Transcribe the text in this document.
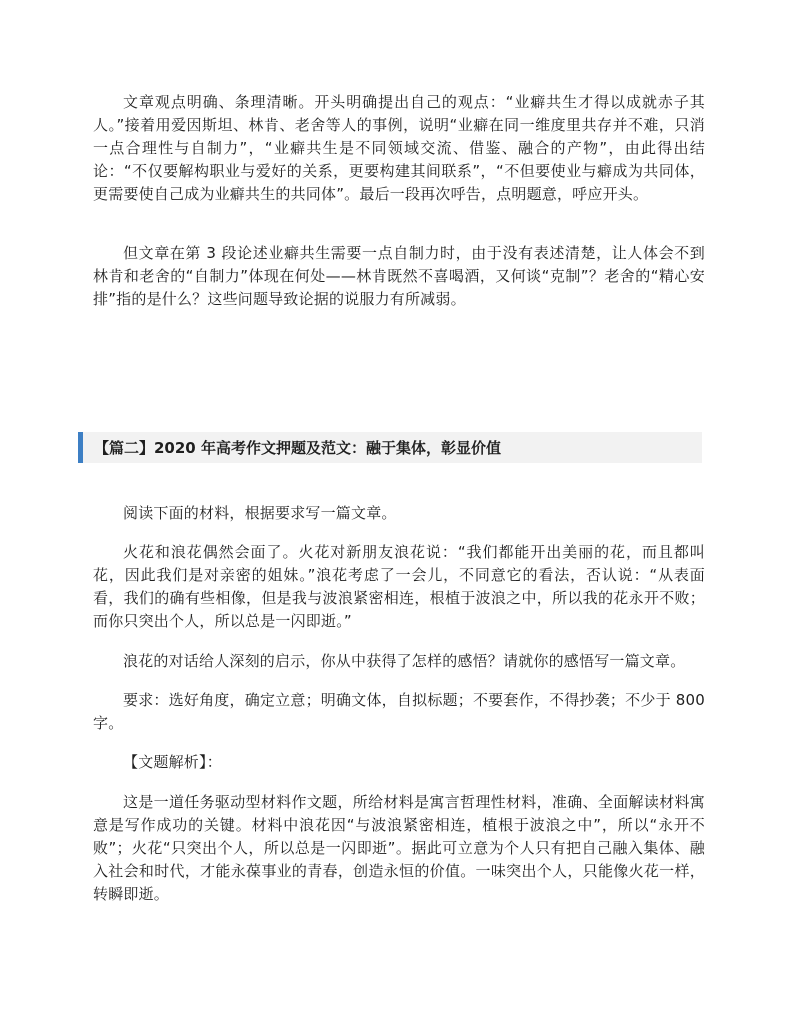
文章观点明确、条理清晰。开头明确提出自己的观点：“业癖共生才得以成就赤子其人。”接着用爱因斯坦、林肯、老舍等人的事例，说明“业癖在同一维度里共存并不难，只消一点合理性与自制力”，“业癖共生是不同领域交流、借鉴、融合的产物”，由此得出结论：“不仅要解构职业与爱好的关系，更要构建其间联系”，“不但要使业与癖成为共同体，更需要使自己成为业癖共生的共同体”。最后一段再次呼告，点明题意，呼应开头。

但文章在第 3 段论述业癖共生需要一点自制力时，由于没有表述清楚，让人体会不到林肯和老舍的“自制力”体现在何处——林肯既然不喜喝酒，又何谈“克制”？老舍的“精心安排”指的是什么？这些问题导致论据的说服力有所减弱。

【篇二】2020 年高考作文押题及范文：融于集体，彰显价值

阅读下面的材料，根据要求写一篇文章。

火花和浪花偶然会面了。火花对新朋友浪花说：“我们都能开出美丽的花，而且都叫花，因此我们是对亲密的姐妹。”浪花考虑了一会儿，不同意它的看法，否认说：“从表面看，我们的确有些相像，但是我与波浪紧密相连，根植于波浪之中，所以我的花永开不败；而你只突出个人，所以总是一闪即逝。”

浪花的对话给人深刻的启示，你从中获得了怎样的感悟？请就你的感悟写一篇文章。

要求：选好角度，确定立意；明确文体，自拟标题；不要套作，不得抄袭；不少于 800 字。

【文题解析】：

这是一道任务驱动型材料作文题，所给材料是寓言哲理性材料，准确、全面解读材料寓意是写作成功的关键。材料中浪花因“与波浪紧密相连，植根于波浪之中”，所以“永开不败”；火花“只突出个人，所以总是一闪即逝”。据此可立意为个人只有把自己融入集体、融入社会和时代，才能永葆事业的青春，创造永恒的价值。一味突出个人，只能像火花一样，转瞬即逝。
